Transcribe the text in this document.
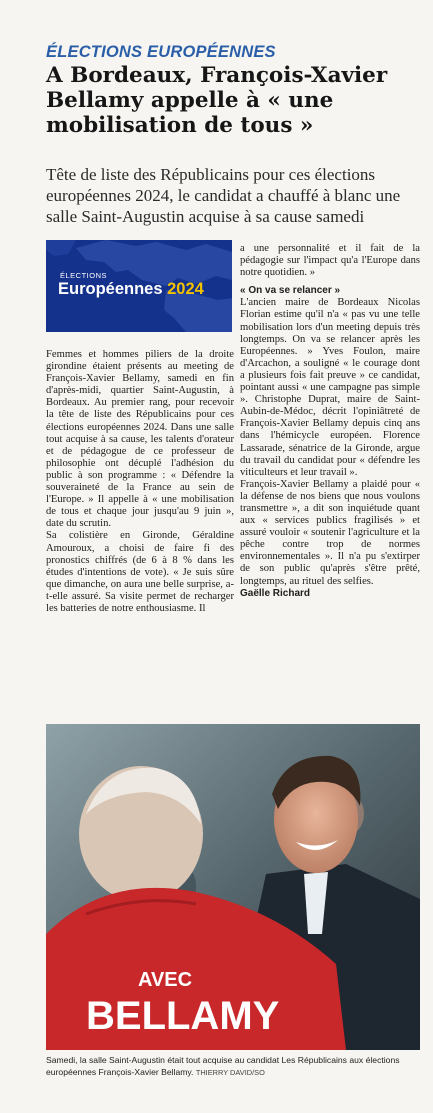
ÉLECTIONS EUROPÉENNES
A Bordeaux, François-Xavier Bellamy appelle à « une mobilisation de tous »

Tête de liste des Républicains pour ces élections européennes 2024, le candidat a chauffé à blanc une salle Saint-Augustin acquise à sa cause samedi

ÉLECTIONS
Européennes 2024

Femmes et hommes piliers de la droite girondine étaient présents au meeting de François-Xavier Bellamy, samedi en fin d'après-midi, quartier Saint-Augustin, à Bordeaux. Au premier rang, pour recevoir la tête de liste des Républicains pour ces élections européennes 2024. Dans une salle tout acquise à sa cause, les talents d'orateur et de pédagogue de ce professeur de philosophie ont décuplé l'adhésion du public à son programme : « Défendre la souveraineté de la France au sein de l'Europe. » Il appelle à « une mobilisation de tous et chaque jour jusqu'au 9 juin », date du scrutin.

Sa colistière en Gironde, Géraldine Amouroux, a choisi de faire fi des pronostics chiffrés (de 6 à 8 % dans les études d'intentions de vote). « Je suis sûre que dimanche, on aura une belle surprise, a-t-elle assuré. Sa visite permet de recharger les batteries de notre enthousiasme. Il

a une personnalité et il fait de la pédagogie sur l'impact qu'a l'Europe dans notre quotidien. »

« On va se relancer »

L'ancien maire de Bordeaux Nicolas Florian estime qu'il n'a « pas vu une telle mobilisation lors d'un meeting depuis très longtemps. On va se relancer après les Européennes. » Yves Foulon, maire d'Arcachon, a souligné « le courage dont a plusieurs fois fait preuve » ce candidat, pointant aussi « une campagne pas simple ». Christophe Duprat, maire de Saint-Aubin-de-Médoc, décrit l'opiniâtreté de François-Xavier Bellamy depuis cinq ans dans l'hémicycle européen. Florence Lassarade, sénatrice de la Gironde, argue du travail du candidat pour « défendre les viticulteurs et leur travail ».

François-Xavier Bellamy a plaidé pour « la défense de nos biens que nous voulons transmettre », a dit son inquiétude quant aux « services publics fragilisés » et assuré vouloir « soutenir l'agriculture et la pêche contre trop de normes environnementales ». Il n'a pu s'extirper de son public qu'après s'être prêté, longtemps, au rituel des selfies.

Gaëlle Richard

AVEC
BELLAMY
Samedi, la salle Saint-Augustin était tout acquise au candidat Les Républicains aux élections européennes François-Xavier Bellamy. THIERRY DAVID/SO
